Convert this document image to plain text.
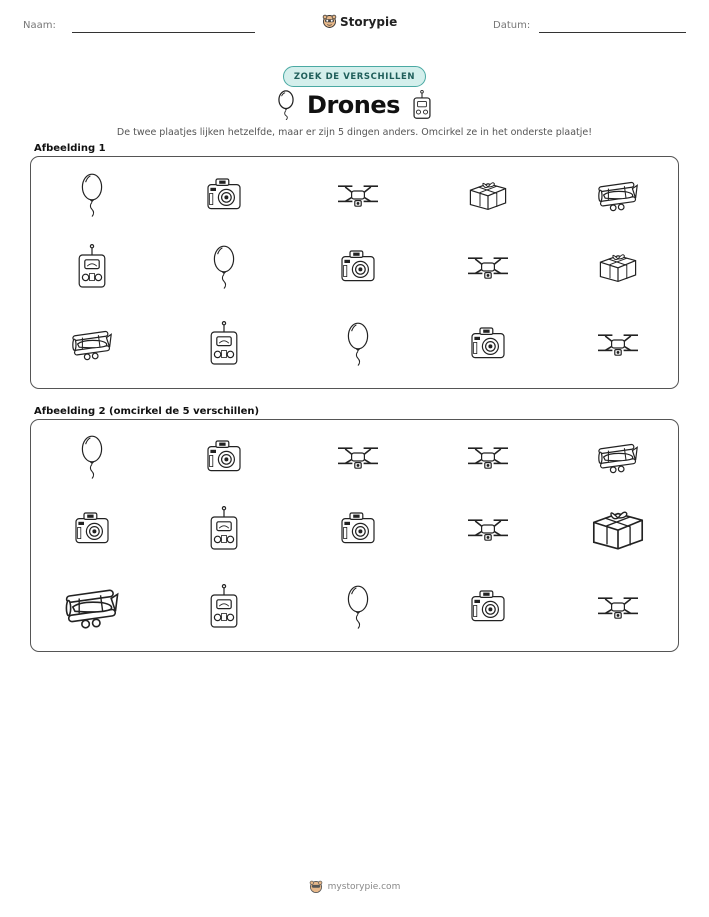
Naam:	Storypie	Datum:
ZOEK DE VERSCHILLEN
Drones
De twee plaatjes lijken hetzelfde, maar er zijn 5 dingen anders. Omcirkel ze in het onderste plaatje!
Afbeelding 1
Afbeelding 2 (omcirkel de 5 verschillen)
mystorypie.com
